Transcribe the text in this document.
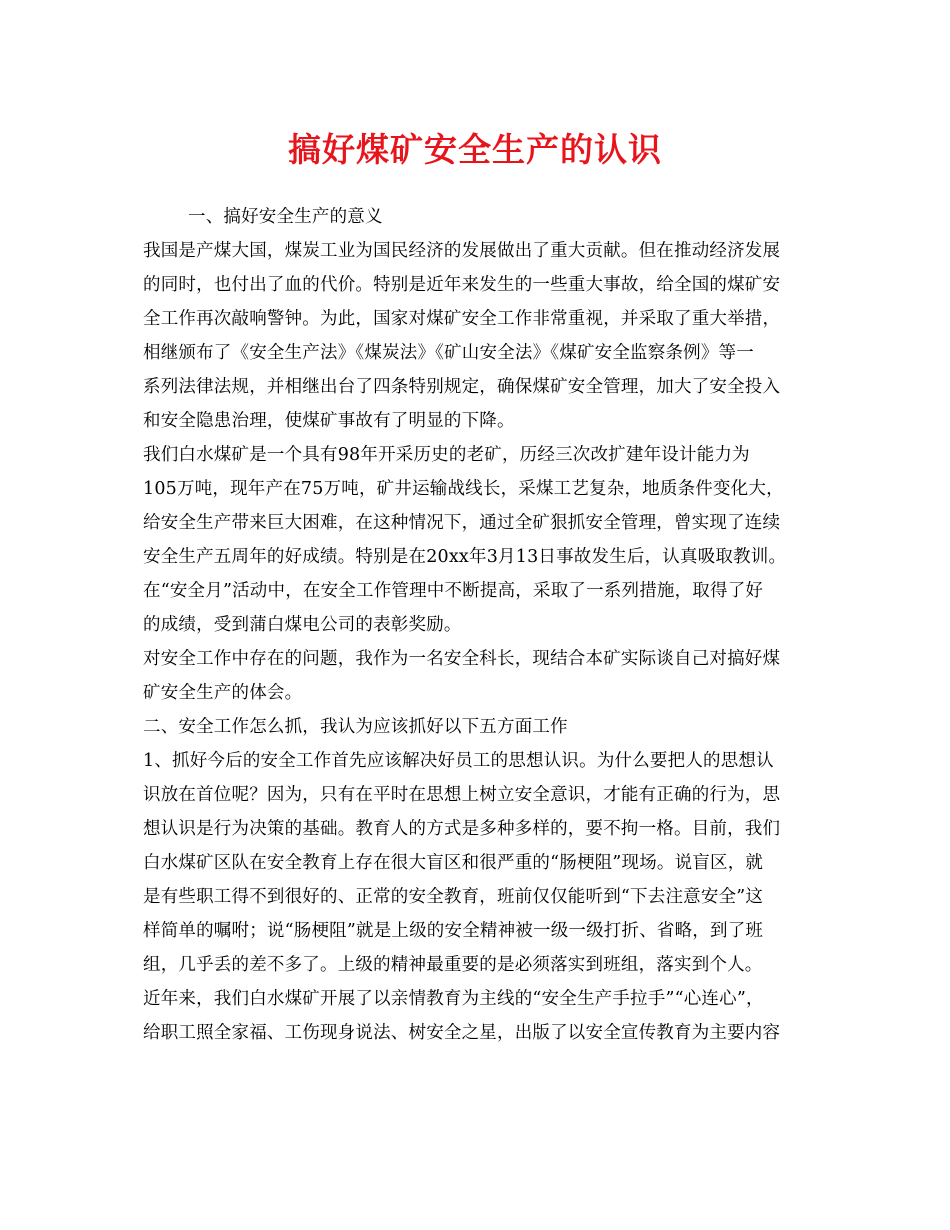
搞好煤矿安全生产的认识
一、搞好安全生产的意义
我国是产煤大国，煤炭工业为国民经济的发展做出了重大贡献。但在推动经济发展
的同时，也付出了血的代价。特别是近年来发生的一些重大事故，给全国的煤矿安
全工作再次敲响警钟。为此，国家对煤矿安全工作非常重视，并采取了重大举措，
相继颁布了《安全生产法》《煤炭法》《矿山安全法》《煤矿安全监察条例》等一
系列法律法规，并相继出台了四条特别规定，确保煤矿安全管理，加大了安全投入
和安全隐患治理，使煤矿事故有了明显的下降。
我们白水煤矿是一个具有98年开采历史的老矿，历经三次改扩建年设计能力为
105万吨，现年产在75万吨，矿井运输战线长，采煤工艺复杂，地质条件变化大，
给安全生产带来巨大困难，在这种情况下，通过全矿狠抓安全管理，曾实现了连续
安全生产五周年的好成绩。特别是在20xx年3月13日事故发生后，认真吸取教训。
在“安全月”活动中，在安全工作管理中不断提高，采取了一系列措施，取得了好
的成绩，受到蒲白煤电公司的表彰奖励。
对安全工作中存在的问题，我作为一名安全科长，现结合本矿实际谈自己对搞好煤
矿安全生产的体会。
二、安全工作怎么抓，我认为应该抓好以下五方面工作
1、抓好今后的安全工作首先应该解决好员工的思想认识。为什么要把人的思想认
识放在首位呢？因为，只有在平时在思想上树立安全意识，才能有正确的行为，思
想认识是行为决策的基础。教育人的方式是多种多样的，要不拘一格。目前，我们
白水煤矿区队在安全教育上存在很大盲区和很严重的“肠梗阻”现场。说盲区，就
是有些职工得不到很好的、正常的安全教育，班前仅仅能听到“下去注意安全”这
样简单的嘱咐；说“肠梗阻”就是上级的安全精神被一级一级打折、省略，到了班
组，几乎丢的差不多了。上级的精神最重要的是必须落实到班组，落实到个人。
近年来，我们白水煤矿开展了以亲情教育为主线的“安全生产手拉手”“心连心”，
给职工照全家福、工伤现身说法、树安全之星，出版了以安全宣传教育为主要内容
